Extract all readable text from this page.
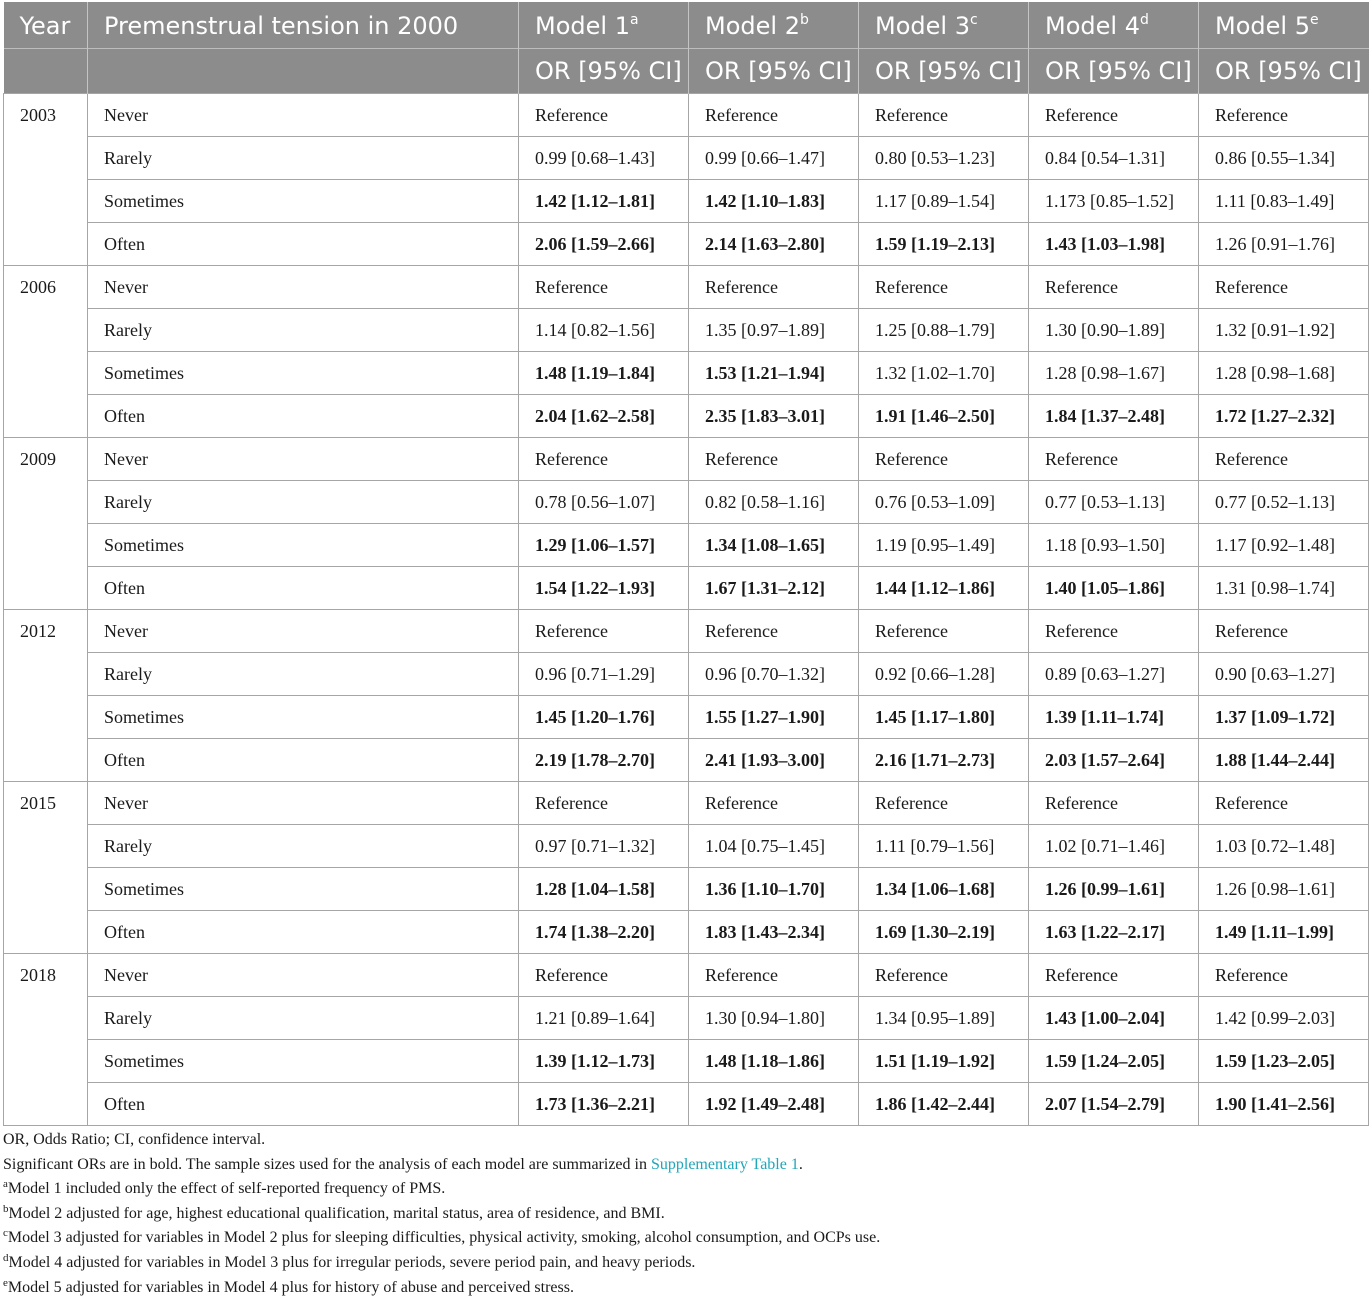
Year	Premenstrual tension in 2000	Model 1$^a$	Model 2$^b$	Model 3$^c$	Model 4$^d$	Model 5e
		OR [95% CI]	OR [95% CI]	OR [95% CI]	OR [95% CI]	OR [95% CI]
2003	Never	Reference	Reference	Reference	Reference	Reference
	Rarely	0.99 [0.68–1.43]	0.99 [0.66–1.47]	0.80 [0.53–1.23]	0.84 [0.54–1.31]	0.86 [0.55–1.34]
	Sometimes	1.42 [1.12–1.81]	1.42 [1.10–1.83]	1.17 [0.89–1.54]	1.173 [0.85–1.52]	1.11 [0.83–1.49]
	Often	2.06 [1.59–2.66]	2.14 [1.63–2.80]	1.59 [1.19–2.13]	1.43 [1.03–1.98]	1.26 [0.91–1.76]
2006	Never	Reference	Reference	Reference	Reference	Reference
	Rarely	1.14 [0.82–1.56]	1.35 [0.97–1.89]	1.25 [0.88–1.79]	1.30 [0.90–1.89]	1.32 [0.91–1.92]
	Sometimes	1.48 [1.19–1.84]	1.53 [1.21–1.94]	1.32 [1.02–1.70]	1.28 [0.98–1.67]	1.28 [0.98–1.68]
	Often	2.04 [1.62–2.58]	2.35 [1.83–3.01]	1.91 [1.46–2.50]	1.84 [1.37–2.48]	1.72 [1.27–2.32]
2009	Never	Reference	Reference	Reference	Reference	Reference
	Rarely	0.78 [0.56–1.07]	0.82 [0.58–1.16]	0.76 [0.53–1.09]	0.77 [0.53–1.13]	0.77 [0.52–1.13]
	Sometimes	1.29 [1.06–1.57]	1.34 [1.08–1.65]	1.19 [0.95–1.49]	1.18 [0.93–1.50]	1.17 [0.92–1.48]
	Often	1.54 [1.22–1.93]	1.67 [1.31–2.12]	1.44 [1.12–1.86]	1.40 [1.05–1.86]	1.31 [0.98–1.74]
2012	Never	Reference	Reference	Reference	Reference	Reference
	Rarely	0.96 [0.71–1.29]	0.96 [0.70–1.32]	0.92 [0.66–1.28]	0.89 [0.63–1.27]	0.90 [0.63–1.27]
	Sometimes	1.45 [1.20–1.76]	1.55 [1.27–1.90]	1.45 [1.17–1.80]	1.39 [1.11–1.74]	1.37 [1.09–1.72]
	Often	2.19 [1.78–2.70]	2.41 [1.93–3.00]	2.16 [1.71–2.73]	2.03 [1.57–2.64]	1.88 [1.44–2.44]
2015	Never	Reference	Reference	Reference	Reference	Reference
	Rarely	0.97 [0.71–1.32]	1.04 [0.75–1.45]	1.11 [0.79–1.56]	1.02 [0.71–1.46]	1.03 [0.72–1.48]
	Sometimes	1.28 [1.04–1.58]	1.36 [1.10–1.70]	1.34 [1.06–1.68]	1.26 [0.99–1.61]	1.26 [0.98–1.61]
	Often	1.74 [1.38–2.20]	1.83 [1.43–2.34]	1.69 [1.30–2.19]	1.63 [1.22–2.17]	1.49 [1.11–1.99]
2018	Never	Reference	Reference	Reference	Reference	Reference
	Rarely	1.21 [0.89–1.64]	1.30 [0.94–1.80]	1.34 [0.95–1.89]	1.43 [1.00–2.04]	1.42 [0.99–2.03]
	Sometimes	1.39 [1.12–1.73]	1.48 [1.18–1.86]	1.51 [1.19–1.92]	1.59 [1.24–2.05]	1.59 [1.23–2.05]
	Often	1.73 [1.36–2.21]	1.92 [1.49–2.48]	1.86 [1.42–2.44]	2.07 [1.54–2.79]	1.90 [1.41–2.56]

OR, Odds Ratio; CI, confidence interval.

Significant ORs are in bold. The sample sizes used for the analysis of each model are summarized in Supplementary Table 1.

$^a$Model 1 included only the effect of self-reported frequency of PMS.

$^b$Model 2 adjusted for age, highest educational qualification, marital status, area of residence, and BMI.

$^c$Model 3 adjusted for variables in Model 2 plus for sleeping difficulties, physical activity, smoking, alcohol consumption, and OCPs use.

$^d$Model 4 adjusted for variables in Model 3 plus for irregular periods, severe period pain, and heavy periods.

$^e$Model 5 adjusted for variables in Model 4 plus for history of abuse and perceived stress.
